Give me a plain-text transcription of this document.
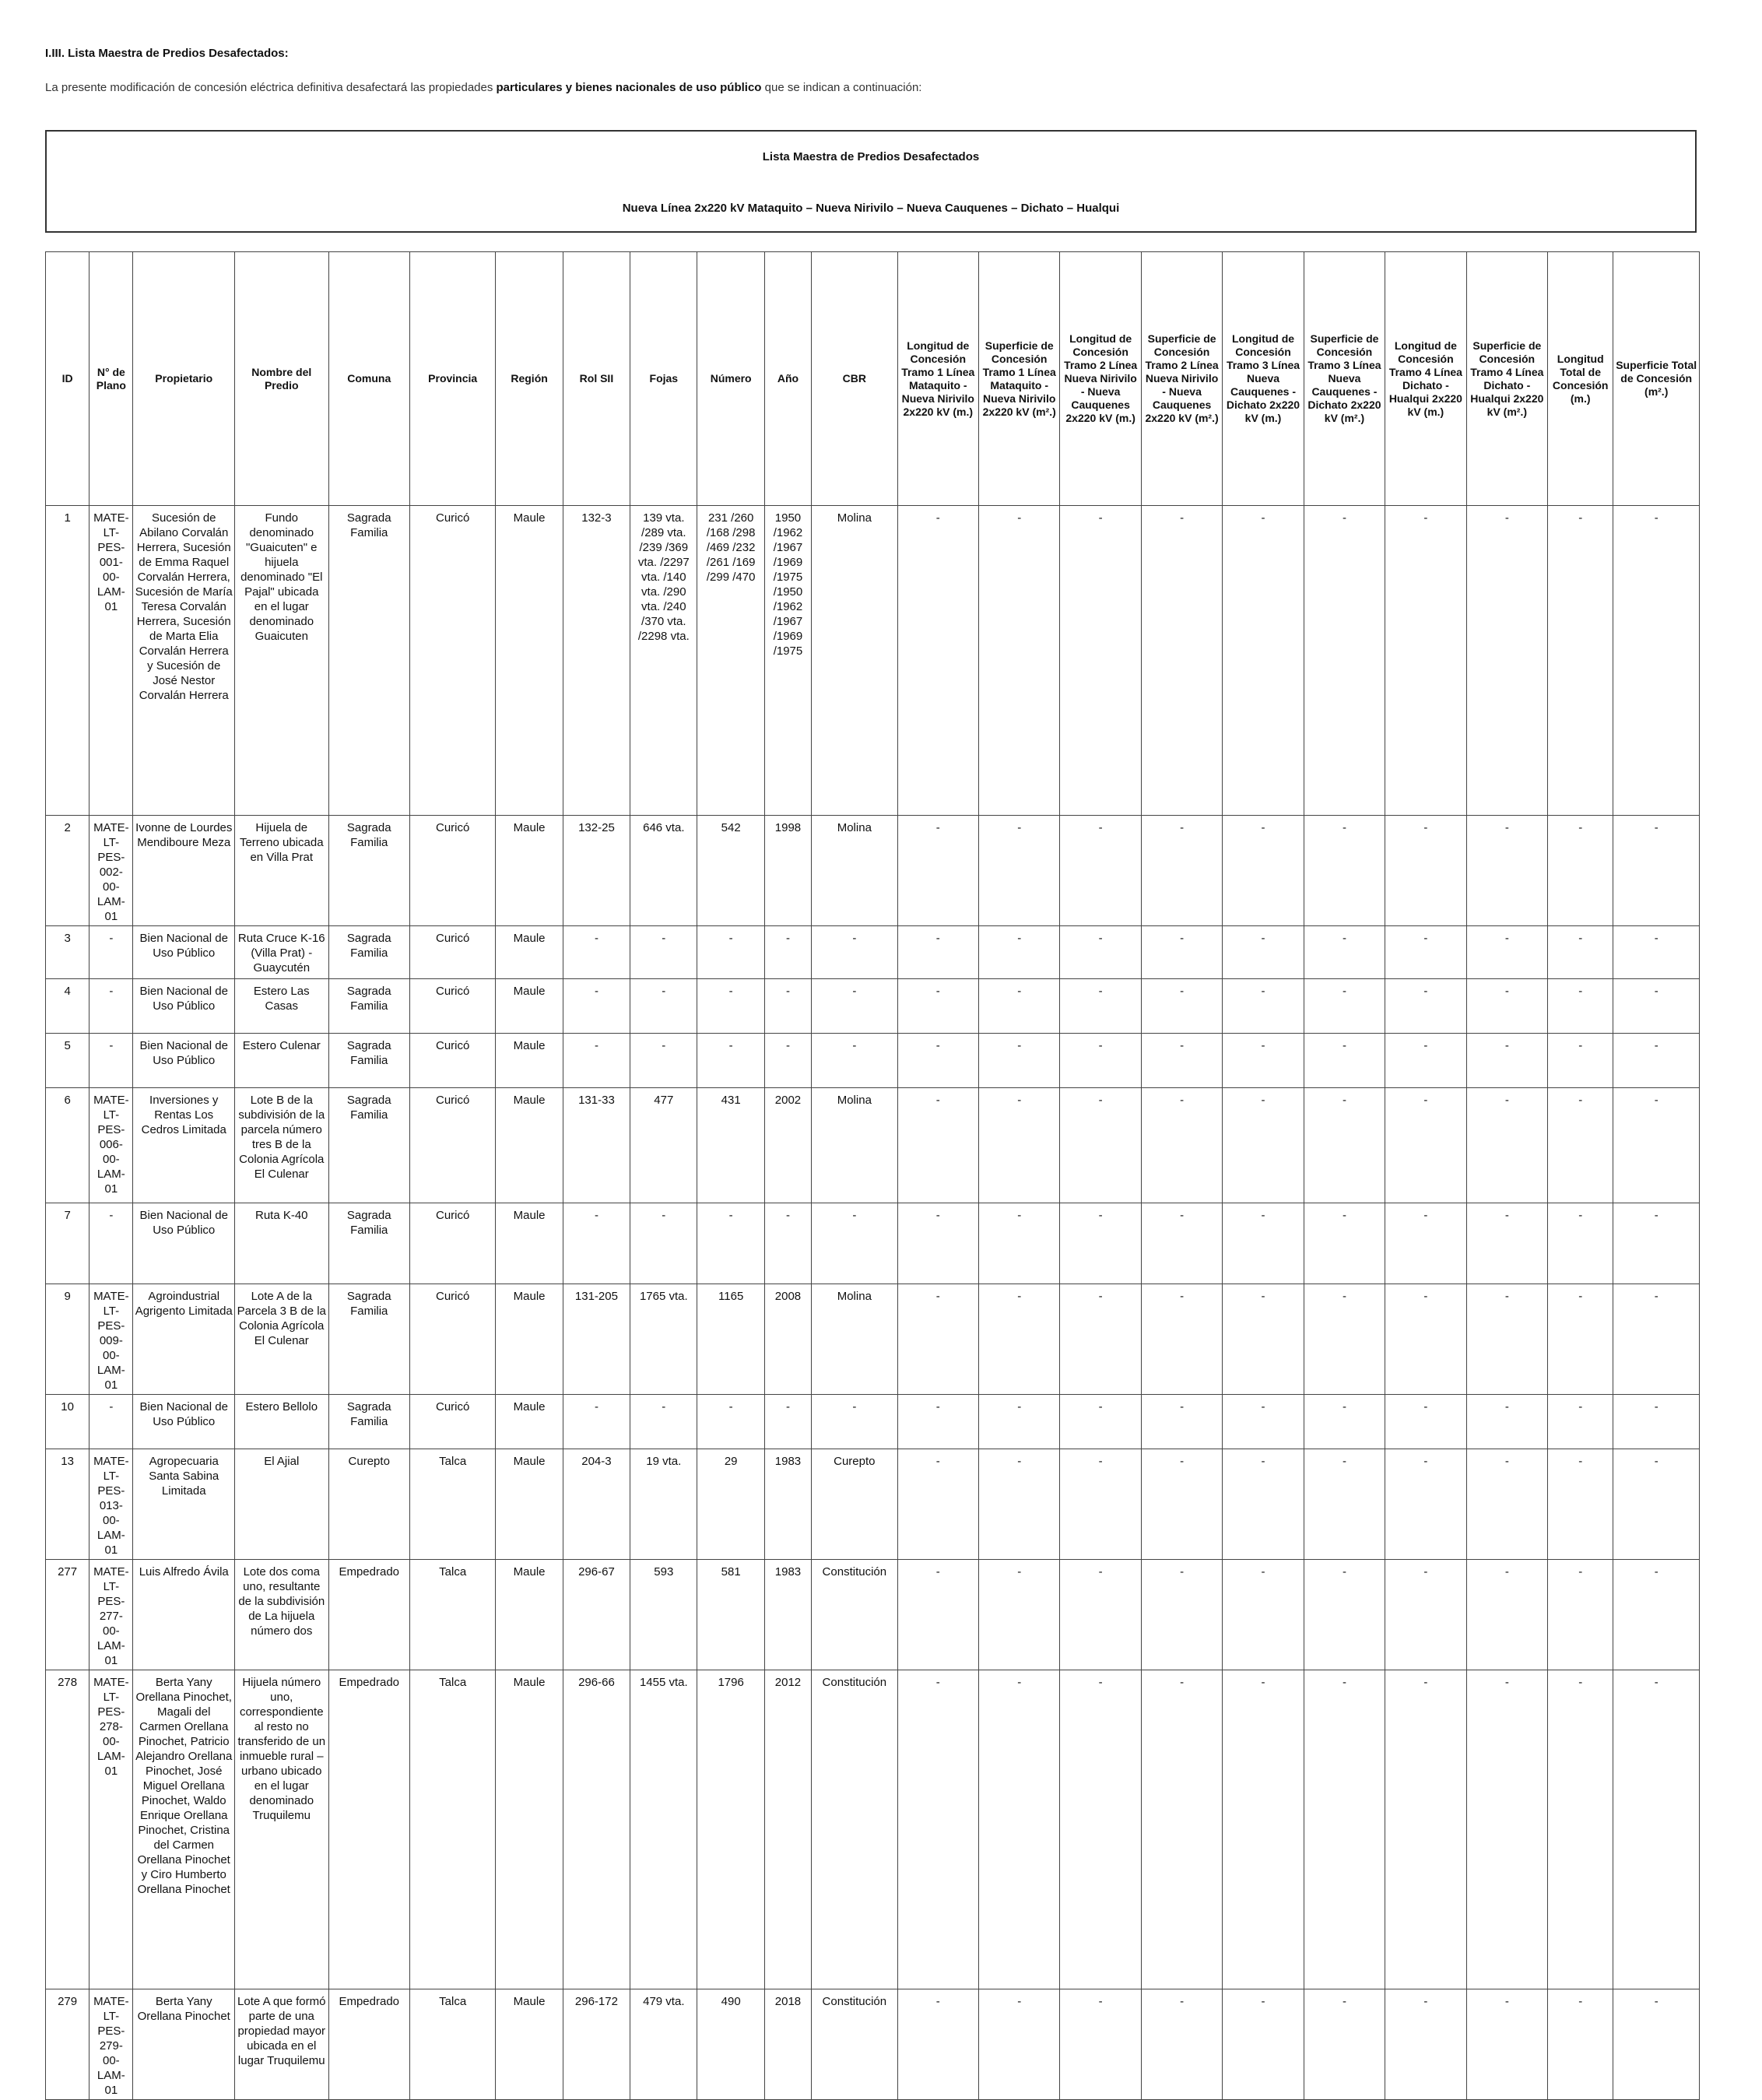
I.III. Lista Maestra de Predios Desafectados:
La presente modificación de concesión eléctrica definitiva desafectará las propiedades particulares y bienes nacionales de uso público que se indican a continuación:
Lista Maestra de Predios Desafectados
Nueva Línea 2x220 kV Mataquito – Nueva Nirivilo – Nueva Cauquenes – Dichato – Hualqui
ID	N° de Plano	Propietario	Nombre del Predio	Comuna	Provincia	Región	Rol SII	Fojas	Número	Año	CBR	Longitud de Concesión Tramo 1 Línea Mataquito - Nueva Nirivilo 2x220 kV (m.)	Superficie de Concesión Tramo 1 Línea Mataquito - Nueva Nirivilo 2x220 kV (m².)	Longitud de Concesión Tramo 2 Línea Nueva Nirivilo - Nueva Cauquenes 2x220 kV (m.)	Superficie de Concesión Tramo 2 Línea Nueva Nirivilo - Nueva Cauquenes 2x220 kV (m².)	Longitud de Concesión Tramo 3 Línea Nueva Cauquenes - Dichato 2x220 kV (m.)	Superficie de Concesión Tramo 3 Línea Nueva Cauquenes - Dichato 2x220 kV (m².)	Longitud de Concesión Tramo 4 Línea Dichato - Hualqui 2x220 kV (m.)	Superficie de Concesión Tramo 4 Línea Dichato - Hualqui 2x220 kV (m².)	Longitud Total de Concesión (m.)	Superficie Total de Concesión (m².)
1	MATE-LT-PES-001-00-LAM-01	Sucesión de Abilano Corvalán Herrera, Sucesión de Emma Raquel Corvalán Herrera, Sucesión de María Teresa Corvalán Herrera, Sucesión de Marta Elia Corvalán Herrera y Sucesión de José Nestor Corvalán Herrera	Fundo denominado "Guaicuten" e hijuela denominado "El Pajal" ubicada en el lugar denominado Guaicuten	Sagrada Familia	Curicó	Maule	132-3	139 vta. /289 vta. /239 /369 vta. /2297 vta. /140 vta. /290 vta. /240 /370 vta. /2298 vta.	231 /260 /168 /298 /469 /232 /261 /169 /299 /470	1950 /1962 /1967 /1969 /1975 /1950 /1962 /1967 /1969 /1975	Molina	-	-	-	-	-	-	-	-	-	-
2	MATE-LT-PES-002-00-LAM-01	Ivonne de Lourdes Mendiboure Meza	Hijuela de Terreno ubicada en Villa Prat	Sagrada Familia	Curicó	Maule	132-25	646 vta.	542	1998	Molina	-	-	-	-	-	-	-	-	-	-
3	-	Bien Nacional de Uso Público	Ruta Cruce K-16 (Villa Prat) - Guaycutén	Sagrada Familia	Curicó	Maule	-	-	-	-	-	-	-	-	-	-	-	-	-	-	-
4	-	Bien Nacional de Uso Público	Estero Las Casas	Sagrada Familia	Curicó	Maule	-	-	-	-	-	-	-	-	-	-	-	-	-	-	-
5	-	Bien Nacional de Uso Público	Estero Culenar	Sagrada Familia	Curicó	Maule	-	-	-	-	-	-	-	-	-	-	-	-	-	-	-
6	MATE-LT-PES-006-00-LAM-01	Inversiones y Rentas Los Cedros Limitada	Lote B de la subdivisión de la parcela número tres B de la Colonia Agrícola El Culenar	Sagrada Familia	Curicó	Maule	131-33	477	431	2002	Molina	-	-	-	-	-	-	-	-	-	-
7	-	Bien Nacional de Uso Público	Ruta K-40	Sagrada Familia	Curicó	Maule	-	-	-	-	-	-	-	-	-	-	-	-	-	-	-
9	MATE-LT-PES-009-00-LAM-01	Agroindustrial Agrigento Limitada	Lote A de la Parcela 3 B de la Colonia Agrícola El Culenar	Sagrada Familia	Curicó	Maule	131-205	1765 vta.	1165	2008	Molina	-	-	-	-	-	-	-	-	-	-
10	-	Bien Nacional de Uso Público	Estero Bellolo	Sagrada Familia	Curicó	Maule	-	-	-	-	-	-	-	-	-	-	-	-	-	-	-
13	MATE-LT-PES-013-00-LAM-01	Agropecuaria Santa Sabina Limitada	El Ajial	Curepto	Talca	Maule	204-3	19 vta.	29	1983	Curepto	-	-	-	-	-	-	-	-	-	-
277	MATE-LT-PES-277-00-LAM-01	Luis Alfredo Ávila	Lote dos coma uno, resultante de la subdivisión de La hijuela número dos	Empedrado	Talca	Maule	296-67	593	581	1983	Constitución	-	-	-	-	-	-	-	-	-	-
278	MATE-LT-PES-278-00-LAM-01	Berta Yany Orellana Pinochet, Magali del Carmen Orellana Pinochet, Patricio Alejandro Orellana Pinochet, José Miguel Orellana Pinochet, Waldo Enrique Orellana Pinochet, Cristina del Carmen Orellana Pinochet y Ciro Humberto Orellana Pinochet	Hijuela número uno, correspondiente al resto no transferido de un inmueble rural – urbano ubicado en el lugar denominado Truquilemu	Empedrado	Talca	Maule	296-66	1455 vta.	1796	2012	Constitución	-	-	-	-	-	-	-	-	-	-
279	MATE-LT-PES-279-00-LAM-01	Berta Yany Orellana Pinochet	Lote A que formó parte de una propiedad mayor ubicada en el lugar Truquilemu	Empedrado	Talca	Maule	296-172	479 vta.	490	2018	Constitución	-	-	-	-	-	-	-	-	-	-
